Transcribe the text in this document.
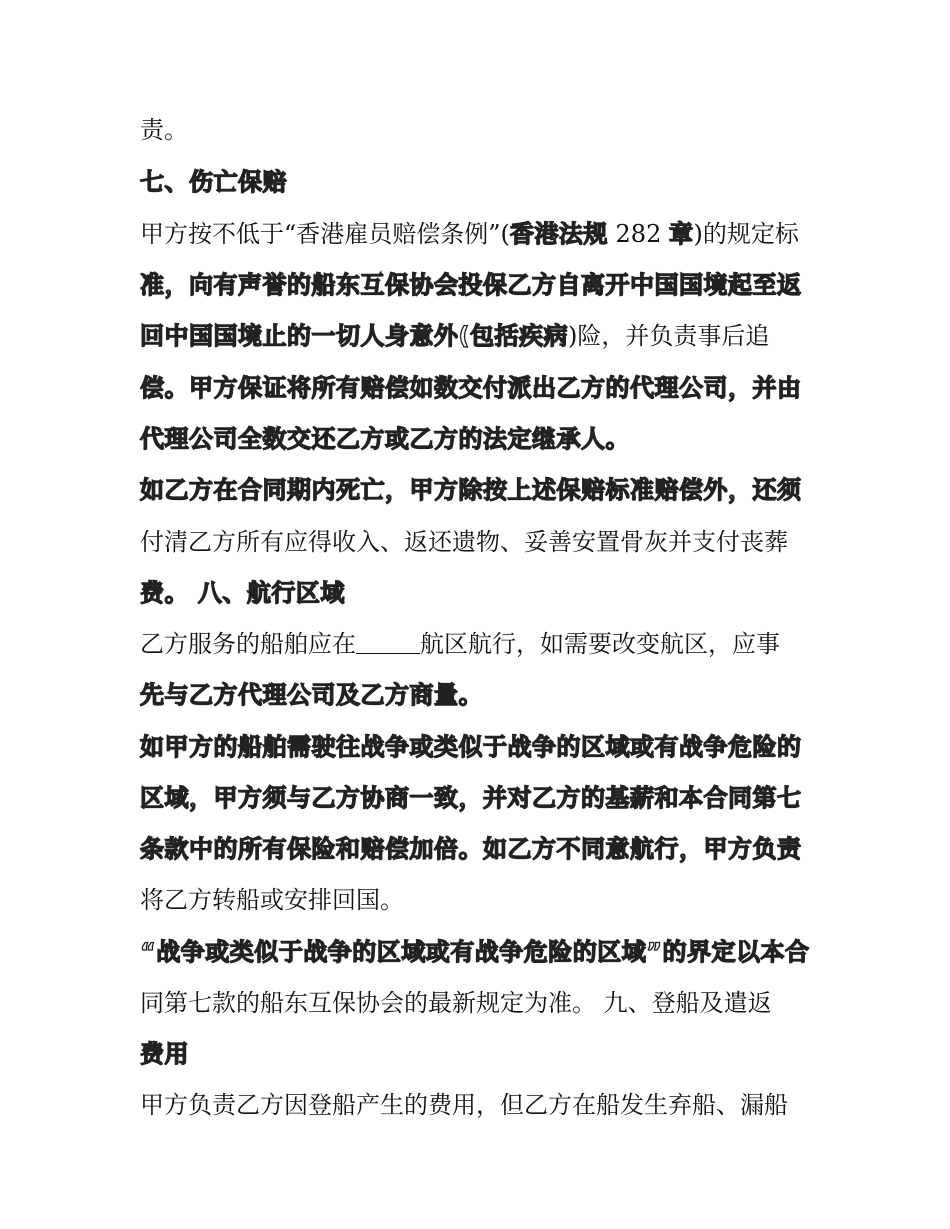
责。
七、伤亡保赔
甲方按不低于“香港雇员赔偿条例”(香港法规 282 章)的规定标
准，向有声誉的船东互保协会投保乙方自离开中国国境起至返
回中国国境止的一切人身意外(包括疾病)险，并负责事后追
偿。甲方保证将所有赔偿如数交付派出乙方的代理公司，并由
代理公司全数交还乙方或乙方的法定继承人。
如乙方在合同期内死亡，甲方除按上述保赔标准赔偿外，还须
付清乙方所有应得收入、返还遗物、妥善安置骨灰并支付丧葬
费。 八、航行区域
乙方服务的船舶应在	航区航行，如需要改变航区，应事
先与乙方代理公司及乙方商量。
如甲方的船舶需驶往战争或类似于战争的区域或有战争危险的
区域，甲方须与乙方协商一致，并对乙方的基薪和本合同第七
条款中的所有保险和赔偿加倍。如乙方不同意航行，甲方负责
将乙方转船或安排回国。
“战争或类似于战争的区域或有战争危险的区域”的界定以本合
同第七款的船东互保协会的最新规定为准。 九、登船及遣返
费用
甲方负责乙方因登船产生的费用，但乙方在船发生弃船、漏船
